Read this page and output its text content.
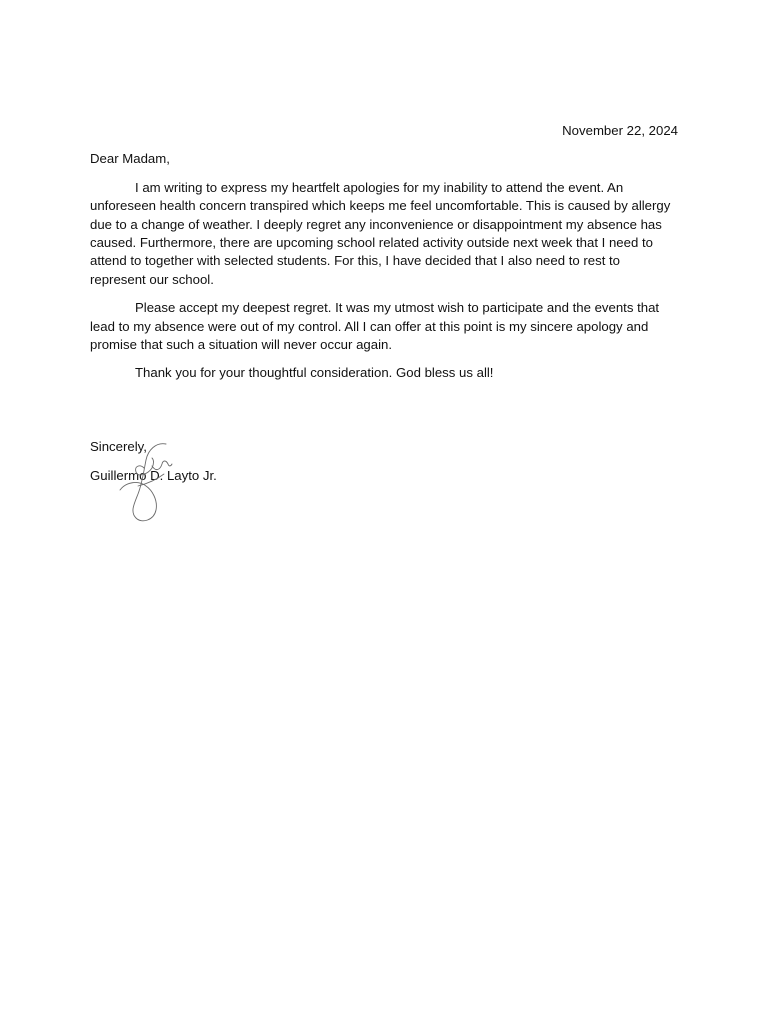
November 22, 2024

Dear Madam,

I am writing to express my heartfelt apologies for my inability to attend the event. An unforeseen health concern transpired which keeps me feel uncomfortable. This is caused by allergy due to a change of weather. I deeply regret any inconvenience or disappointment my absence has caused. Furthermore, there are upcoming school related activity outside next week that I need to attend to together with selected students. For this, I have decided that I also need to rest to represent our school.

Please accept my deepest regret. It was my utmost wish to participate and the events that lead to my absence were out of my control. All I can offer at this point is my sincere apology and promise that such a situation will never occur again.

Thank you for your thoughtful consideration. God bless us all!

Sincerely,

Guillermo D. Layto Jr.
